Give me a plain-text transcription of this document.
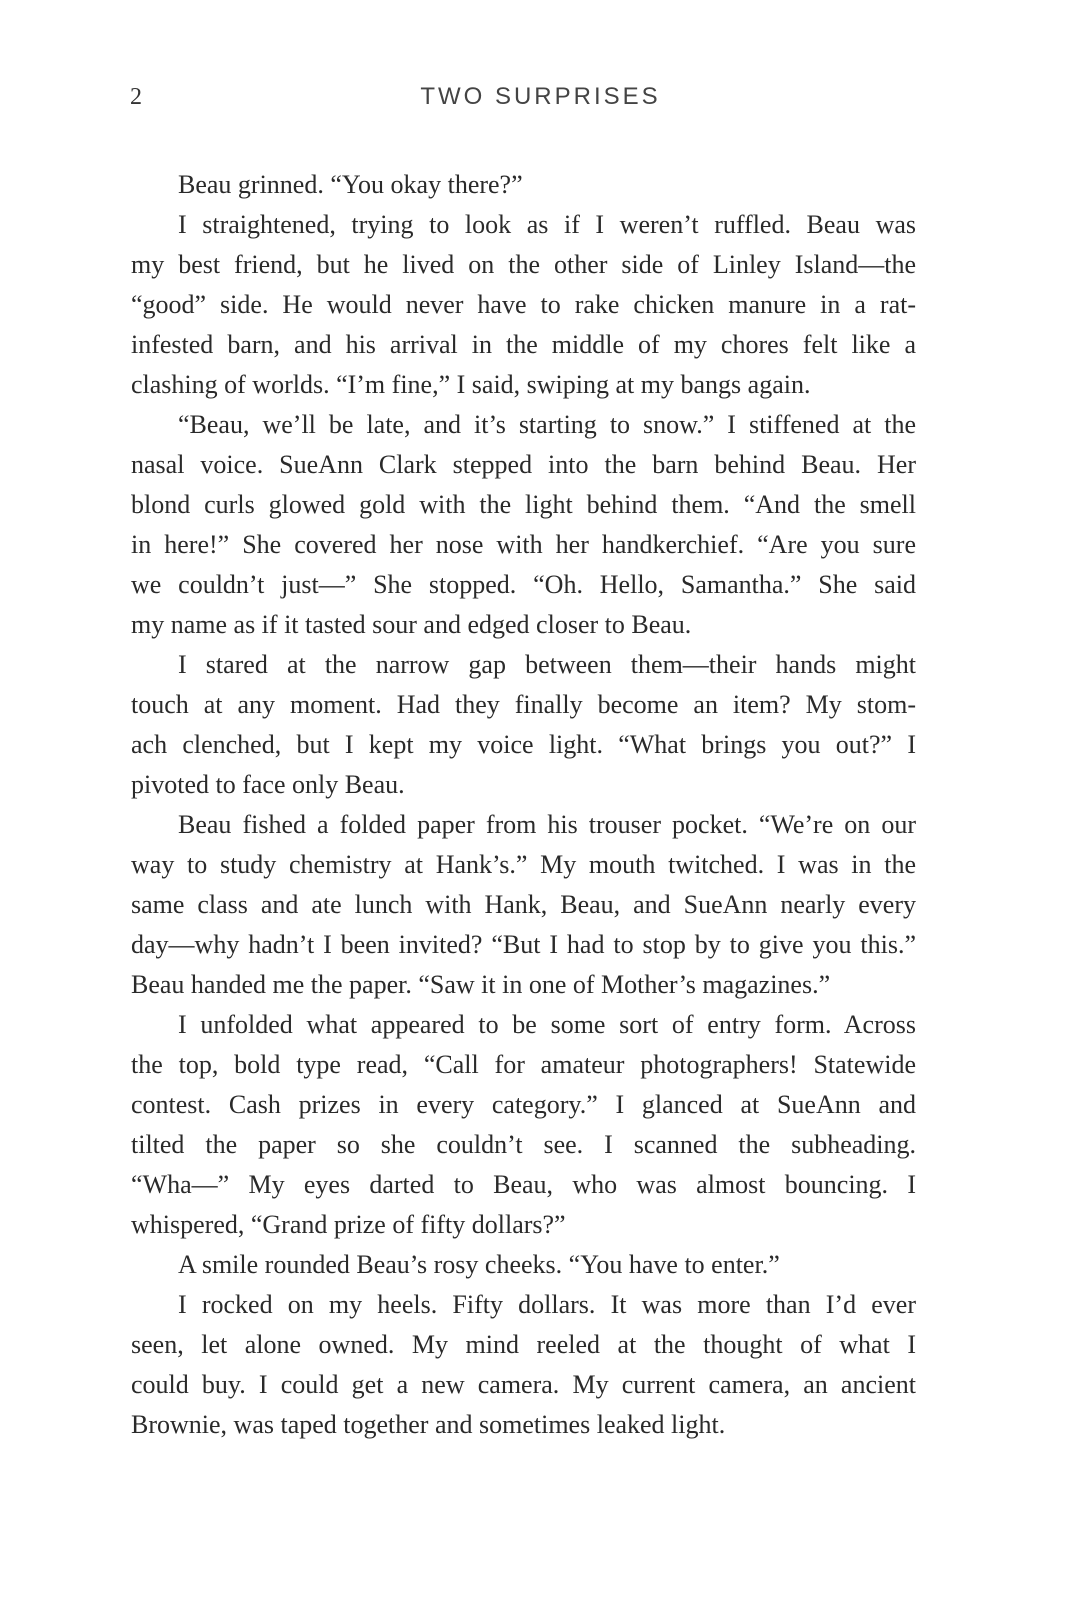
2	TWO SURPRISES
Beau grinned. “You okay there?”
I straightened, trying to look as if I weren’t ruffled. Beau was
my best friend, but he lived on the other side of Linley Island—the
“good” side. He would never have to rake chicken manure in a rat-
infested barn, and his arrival in the middle of my chores felt like a
clashing of worlds. “I’m fine,” I said, swiping at my bangs again.
“Beau, we’ll be late, and it’s starting to snow.” I stiffened at the
nasal voice. SueAnn Clark stepped into the barn behind Beau. Her
blond curls glowed gold with the light behind them. “And the smell
in here!” She covered her nose with her handkerchief. “Are you sure
we couldn’t just—” She stopped. “Oh. Hello, Samantha.” She said
my name as if it tasted sour and edged closer to Beau.
I stared at the narrow gap between them—their hands might
touch at any moment. Had they finally become an item? My stom-
ach clenched, but I kept my voice light. “What brings you out?” I
pivoted to face only Beau.
Beau fished a folded paper from his trouser pocket. “We’re on our
way to study chemistry at Hank’s.” My mouth twitched. I was in the
same class and ate lunch with Hank, Beau, and SueAnn nearly every
day—why hadn’t I been invited? “But I had to stop by to give you this.”
Beau handed me the paper. “Saw it in one of Mother’s magazines.”
I unfolded what appeared to be some sort of entry form. Across
the top, bold type read, “Call for amateur photographers! Statewide
contest. Cash prizes in every category.” I glanced at SueAnn and
tilted the paper so she couldn’t see. I scanned the subheading.
“Wha—” My eyes darted to Beau, who was almost bouncing. I
whispered, “Grand prize of fifty dollars?”
A smile rounded Beau’s rosy cheeks. “You have to enter.”
I rocked on my heels. Fifty dollars. It was more than I’d ever
seen, let alone owned. My mind reeled at the thought of what I
could buy. I could get a new camera. My current camera, an ancient
Brownie, was taped together and sometimes leaked light.
